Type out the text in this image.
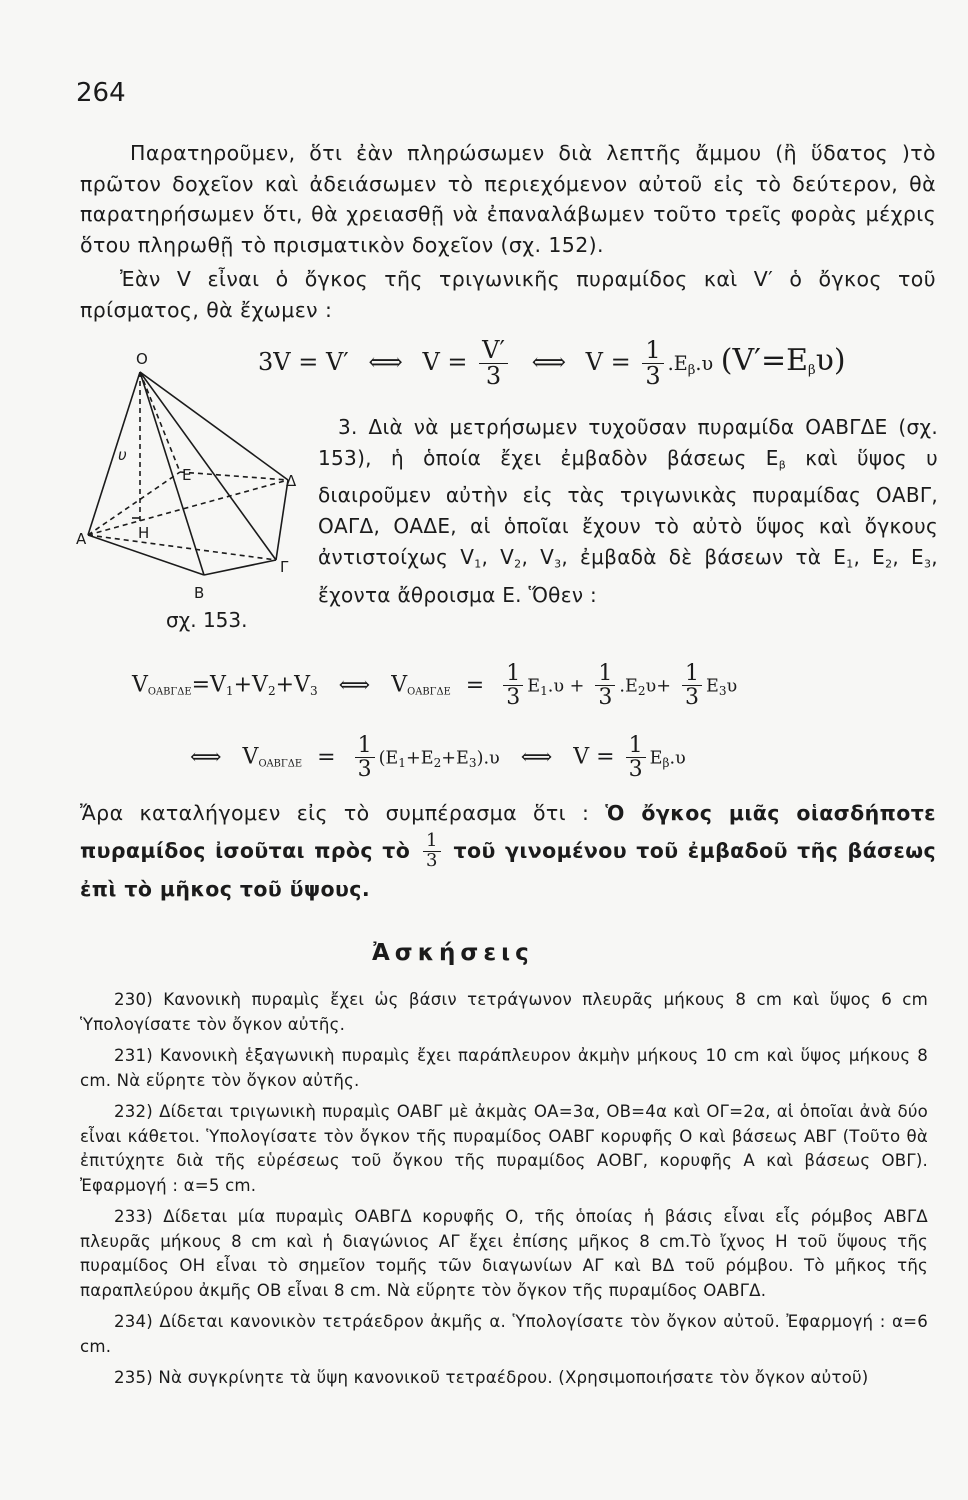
264
Παρατηροῦμεν, ὅτι ἐὰν πληρώσωμεν διὰ λεπτῆς ἄμμου (ἢ ὕδατος )τὸ πρῶτον δοχεῖον καὶ ἀδειάσωμεν τὸ περιεχόμενον αὐτοῦ εἰς τὸ δεύτερον, θὰ παρατηρήσωμεν ὅτι, θὰ χρειασθῇ νὰ ἐπαναλάβωμεν τοῦτο τρεῖς φορὰς μέχρις ὅτου πληρωθῇ τὸ πρισματικὸν δοχεῖον (σχ. 152).
Ἐὰν V εἶναι ὁ ὄγκος τῆς τριγωνικῆς πυραμίδος καὶ V′ ὁ ὄγκος τοῦ πρίσματος, θὰ ἔχωμεν :
3V = V′ ⟺ $V = \frac{V'}{3}$ ⟺ $V = \frac{1}{3} .E_\beta.\upsilon$ $(V'=E_\beta\upsilon)$
O
υ
E	Δ
A	H
Γ
B
σχ. 153.
3. Διὰ νὰ μετρήσωμεν τυχοῦσαν πυραμίδα ΟΑΒΓΔΕ (σχ. 153), ἡ ὁποία ἔχει ἐμβαδὸν βάσεως $E_\beta$ καὶ ὕψος υ διαιροῦμεν αὐτὴν εἰς τὰς τριγωνικὰς πυραμίδας ΟΑΒΓ, ΟΑΓΔ, ΟΑΔΕ, αἱ ὁποῖαι ἔχουν τὸ αὐτὸ ὕψος καὶ ὄγκους ἀντιστοίχως $V_1$, $V_2$, $V_3$, ἐμβαδὰ δὲ βάσεων τὰ $E_1$, $E_2$, $E_3$, ἔχοντα ἄθροισμα E. Ὅθεν :
$V_{OAB\Gamma\Delta E}=V_1+V_2+V_3$ ⟺ $V_{OAB\Gamma\Delta E} = \frac{1}{3} E_1.\upsilon + \frac{1}{3} .E_2\upsilon+ \frac{1}{3} E_3\upsilon$
⟺ $V_{OAB\Gamma\Delta E} = \frac{1}{3} (E_1+E_2+E_3).\upsilon$ ⟺ $V = \frac{1}{3} E_\beta.\upsilon$
Ἄρα καταλήγομεν εἰς τὸ συμπέρασμα ὅτι : Ὁ ὄγκος μιᾶς οἱασδήποτε πυραμίδος ἰσοῦται πρὸς τὸ $\frac{1}{3}$ τοῦ γινομένου τοῦ ἐμβαδοῦ τῆς βάσεως ἐπὶ τὸ μῆκος τοῦ ὕψους.
Ἀσκήσεις

230) Κανονικὴ πυραμὶς ἔχει ὡς βάσιν τετράγωνον πλευρᾶς μήκους 8 cm καὶ ὕψος 6 cm Ὑπολογίσατε τὸν ὄγκον αὐτῆς.

231) Κανονικὴ ἑξαγωνικὴ πυραμὶς ἔχει παράπλευρον ἀκμὴν μήκους 10 cm καὶ ὕψος μήκους 8 cm. Νὰ εὕρητε τὸν ὄγκον αὐτῆς.

232) Δίδεται τριγωνικὴ πυραμὶς ΟΑΒΓ μὲ ἀκμὰς ΟΑ=3α, ΟΒ=4α καὶ ΟΓ=2α, αἱ ὁποῖαι ἀνὰ δύο εἶναι κάθετοι. Ὑπολογίσατε τὸν ὄγκον τῆς πυραμίδος ΟΑΒΓ κορυφῆς Ο καὶ βάσεως ΑΒΓ (Τοῦτο θὰ ἐπιτύχητε διὰ τῆς εὑρέσεως τοῦ ὄγκου τῆς πυραμίδος ΑΟΒΓ, κορυφῆς Α καὶ βάσεως ΟΒΓ). Ἐφαρμογή : α=5 cm.

233) Δίδεται μία πυραμὶς ΟΑΒΓΔ κορυφῆς Ο, τῆς ὁποίας ἡ βάσις εἶναι εἷς ρόμβος ΑΒΓΔ πλευρᾶς μήκους 8 cm καὶ ἡ διαγώνιος ΑΓ ἔχει ἐπίσης μῆκος 8 cm.Τὸ ἴχνος Η τοῦ ὕψους τῆς πυραμίδος ΟΗ εἶναι τὸ σημεῖον τομῆς τῶν διαγωνίων ΑΓ καὶ ΒΔ τοῦ ρόμβου. Τὸ μῆκος τῆς παραπλεύρου ἀκμῆς ΟΒ εἶναι 8 cm. Νὰ εὕρητε τὸν ὄγκον τῆς πυραμίδος ΟΑΒΓΔ.

234) Δίδεται κανονικὸν τετράεδρον ἀκμῆς α. Ὑπολογίσατε τὸν ὄγκον αὐτοῦ. Ἐφαρμογή : α=6 cm.

235) Νὰ συγκρίνητε τὰ ὕψη κανονικοῦ τετραέδρου. (Χρησιμοποιήσατε τὸν ὄγκον αὐτοῦ)
